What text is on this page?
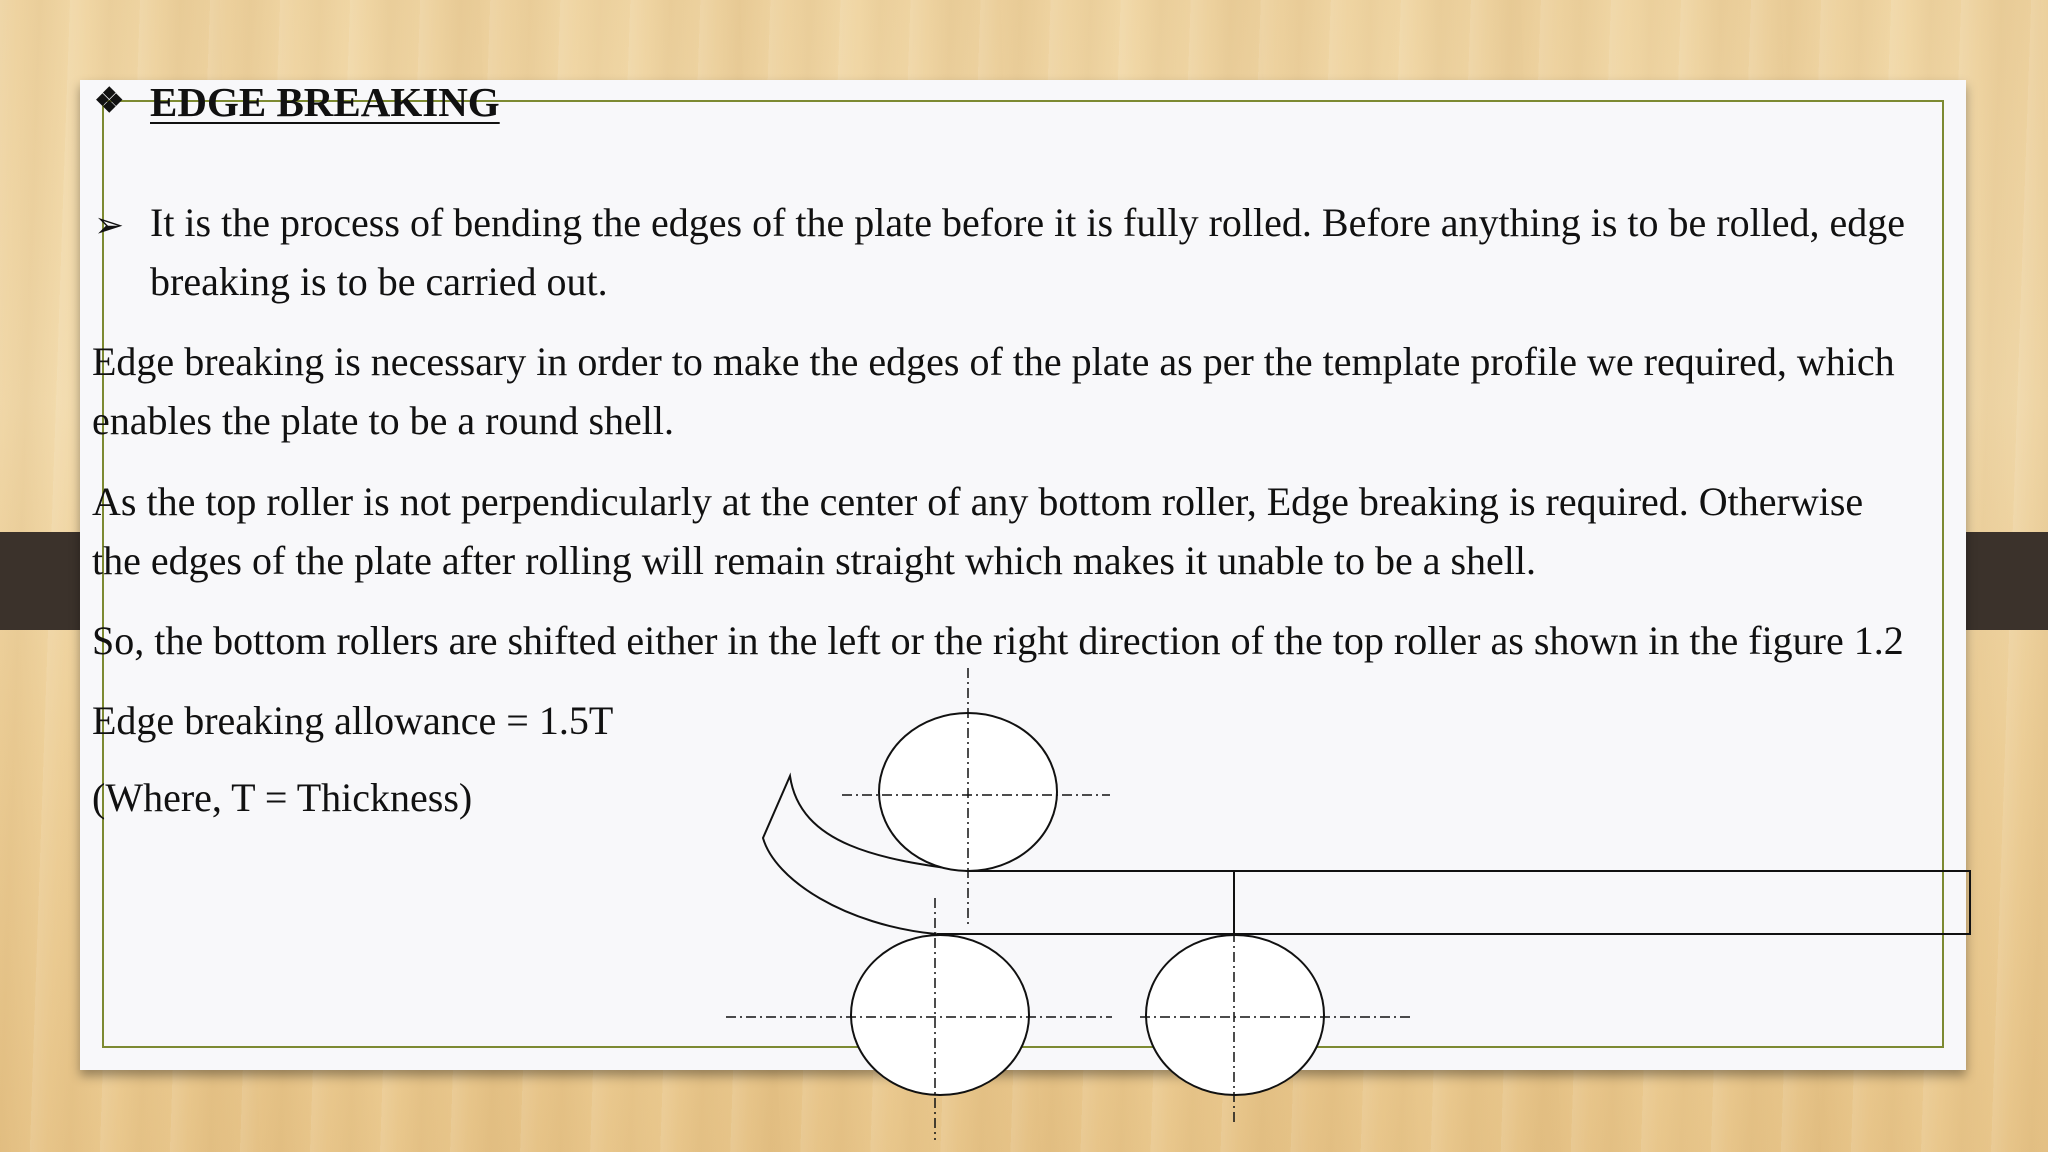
❖ EDGE BREAKING
➢ It is the process of bending the edges of the plate before it is fully rolled. Before anything is to be rolled, edge
breaking is to be carried out.
Edge breaking is necessary in order to make the edges of the plate as per the template profile we required, which
enables the plate to be a round shell.
As the top roller is not perpendicularly at the center of any bottom roller, Edge breaking is required. Otherwise
the edges of the plate after rolling will remain straight which makes it unable to be a shell.
So, the bottom rollers are shifted either in the left or the right direction of the top roller as shown in the figure 1.2
Edge breaking allowance = 1.5T
(Where, T = Thickness)
